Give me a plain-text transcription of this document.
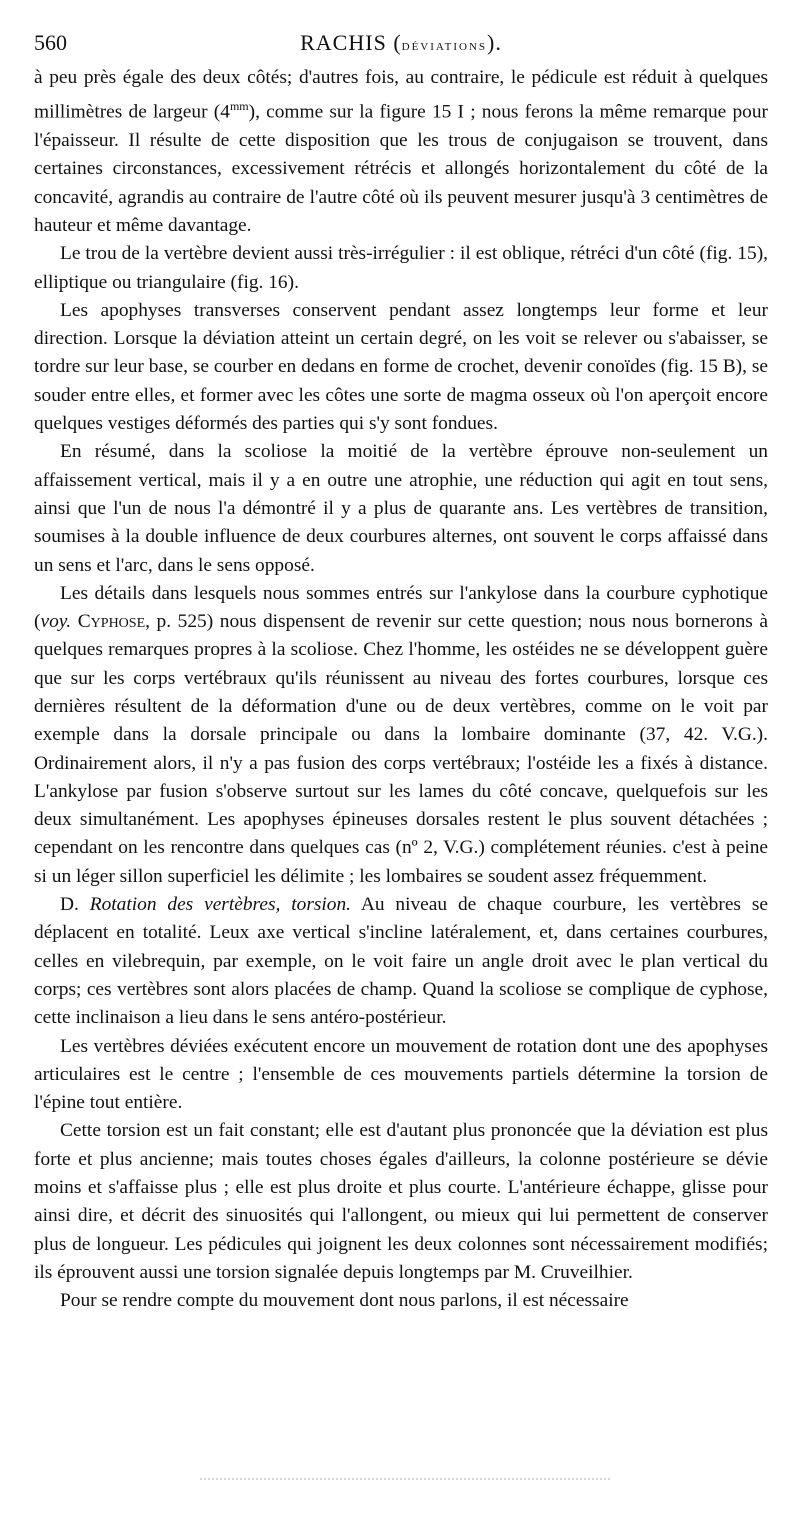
560	RACHIS (déviations).

à peu près égale des deux côtés; d'autres fois, au contraire, le pédicule est réduit à quelques millimètres de largeur $(4^{mm})$, comme sur la figure 15 I ; nous ferons la même remarque pour l'épaisseur. Il résulte de cette disposition que les trous de conjugaison se trouvent, dans certaines circonstances, excessivement rétrécis et allongés horizontalement du côté de la concavité, agrandis au contraire de l'autre côté où ils peuvent mesurer jusqu'à 3 centimètres de hauteur et même davantage.

Le trou de la vertèbre devient aussi très-irrégulier : il est oblique, rétréci d'un côté (fig. 15), elliptique ou triangulaire (fig. 16).

Les apophyses transverses conservent pendant assez longtemps leur forme et leur direction. Lorsque la déviation atteint un certain degré, on les voit se relever ou s'abaisser, se tordre sur leur base, se courber en dedans en forme de crochet, devenir conoïdes (fig. 15 B), se souder entre elles, et former avec les côtes une sorte de magma osseux où l'on aperçoit encore quelques vestiges déformés des parties qui s'y sont fondues.

En résumé, dans la scoliose la moitié de la vertèbre éprouve non-seulement un affaissement vertical, mais il y a en outre une atrophie, une réduction qui agit en tout sens, ainsi que l'un de nous l'a démontré il y a plus de quarante ans. Les vertèbres de transition, soumises à la double influence de deux courbures alternes, ont souvent le corps affaissé dans un sens et l'arc, dans le sens opposé.

Les détails dans lesquels nous sommes entrés sur l'ankylose dans la courbure cyphotique (voy. Cyphose, p. 525) nous dispensent de revenir sur cette question; nous nous bornerons à quelques remarques propres à la scoliose. Chez l'homme, les ostéides ne se développent guère que sur les corps vertébraux qu'ils réunissent au niveau des fortes courbures, lorsque ces dernières résultent de la déformation d'une ou de deux vertèbres, comme on le voit par exemple dans la dorsale principale ou dans la lombaire dominante (37, 42. V.G.). Ordinairement alors, il n'y a pas fusion des corps vertébraux; l'ostéide les a fixés à distance. L'ankylose par fusion s'observe surtout sur les lames du côté concave, quelquefois sur les deux simultanément. Les apophyses épineuses dorsales restent le plus souvent détachées ; cependant on les rencontre dans quelques cas (nº 2, V.G.) complétement réunies. c'est à peine si un léger sillon superficiel les délimite ; les lombaires se soudent assez fréquemment.

D. Rotation des vertèbres, torsion. Au niveau de chaque courbure, les vertèbres se déplacent en totalité. Leux axe vertical s'incline latéralement, et, dans certaines courbures, celles en vilebrequin, par exemple, on le voit faire un angle droit avec le plan vertical du corps; ces vertèbres sont alors placées de champ. Quand la scoliose se complique de cyphose, cette inclinaison a lieu dans le sens antéro-postérieur.

Les vertèbres déviées exécutent encore un mouvement de rotation dont une des apophyses articulaires est le centre ; l'ensemble de ces mouvements partiels détermine la torsion de l'épine tout entière.

Cette torsion est un fait constant; elle est d'autant plus prononcée que la déviation est plus forte et plus ancienne; mais toutes choses égales d'ailleurs, la colonne postérieure se dévie moins et s'affaisse plus ; elle est plus droite et plus courte. L'antérieure échappe, glisse pour ainsi dire, et décrit des sinuosités qui l'allongent, ou mieux qui lui permettent de conserver plus de longueur. Les pédicules qui joignent les deux colonnes sont nécessairement modifiés; ils éprouvent aussi une torsion signalée depuis longtemps par M. Cruveilhier.

Pour se rendre compte du mouvement dont nous parlons, il est nécessaire
